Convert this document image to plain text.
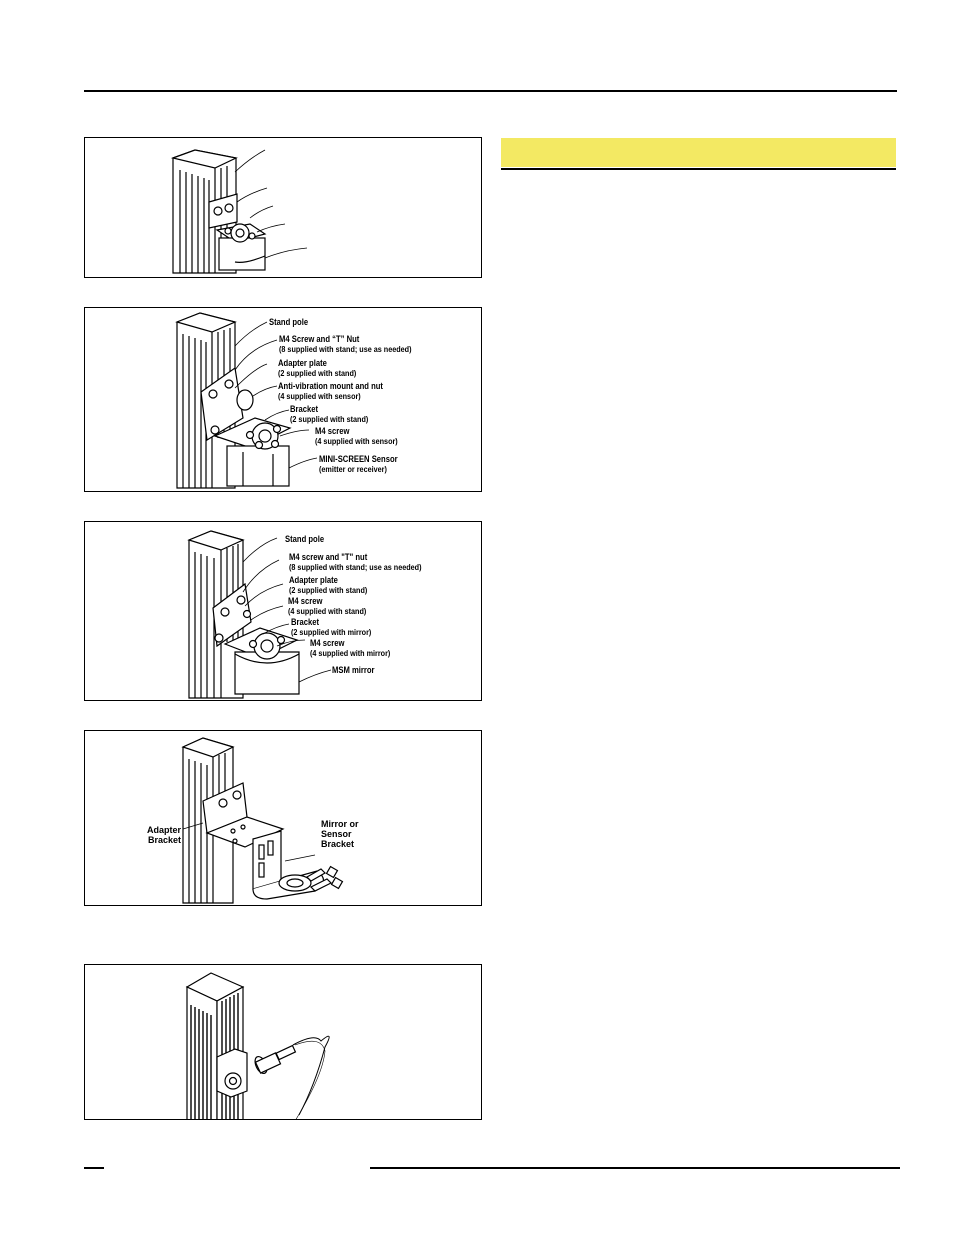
Stand pole
M4 Screw and “T” Nut
(8 supplied with stand; use as needed)
Adapter plate
(2 supplied with stand)
Anti-vibration mount and nut
(4 supplied with sensor)
Bracket
(2 supplied with stand)
M4 screw
(4 supplied with sensor)
MINI-SCREEN Sensor
(emitter or receiver)
Stand pole
M4 screw and "T" nut
(8 supplied with stand; use as needed)
Adapter plate
(2 supplied with stand)
M4 screw
(4 supplied with stand)
Bracket
(2 supplied with mirror)
M4 screw
(4 supplied with mirror)
MSM mirror
Adapter
Bracket
Mirror or
Sensor
Bracket
